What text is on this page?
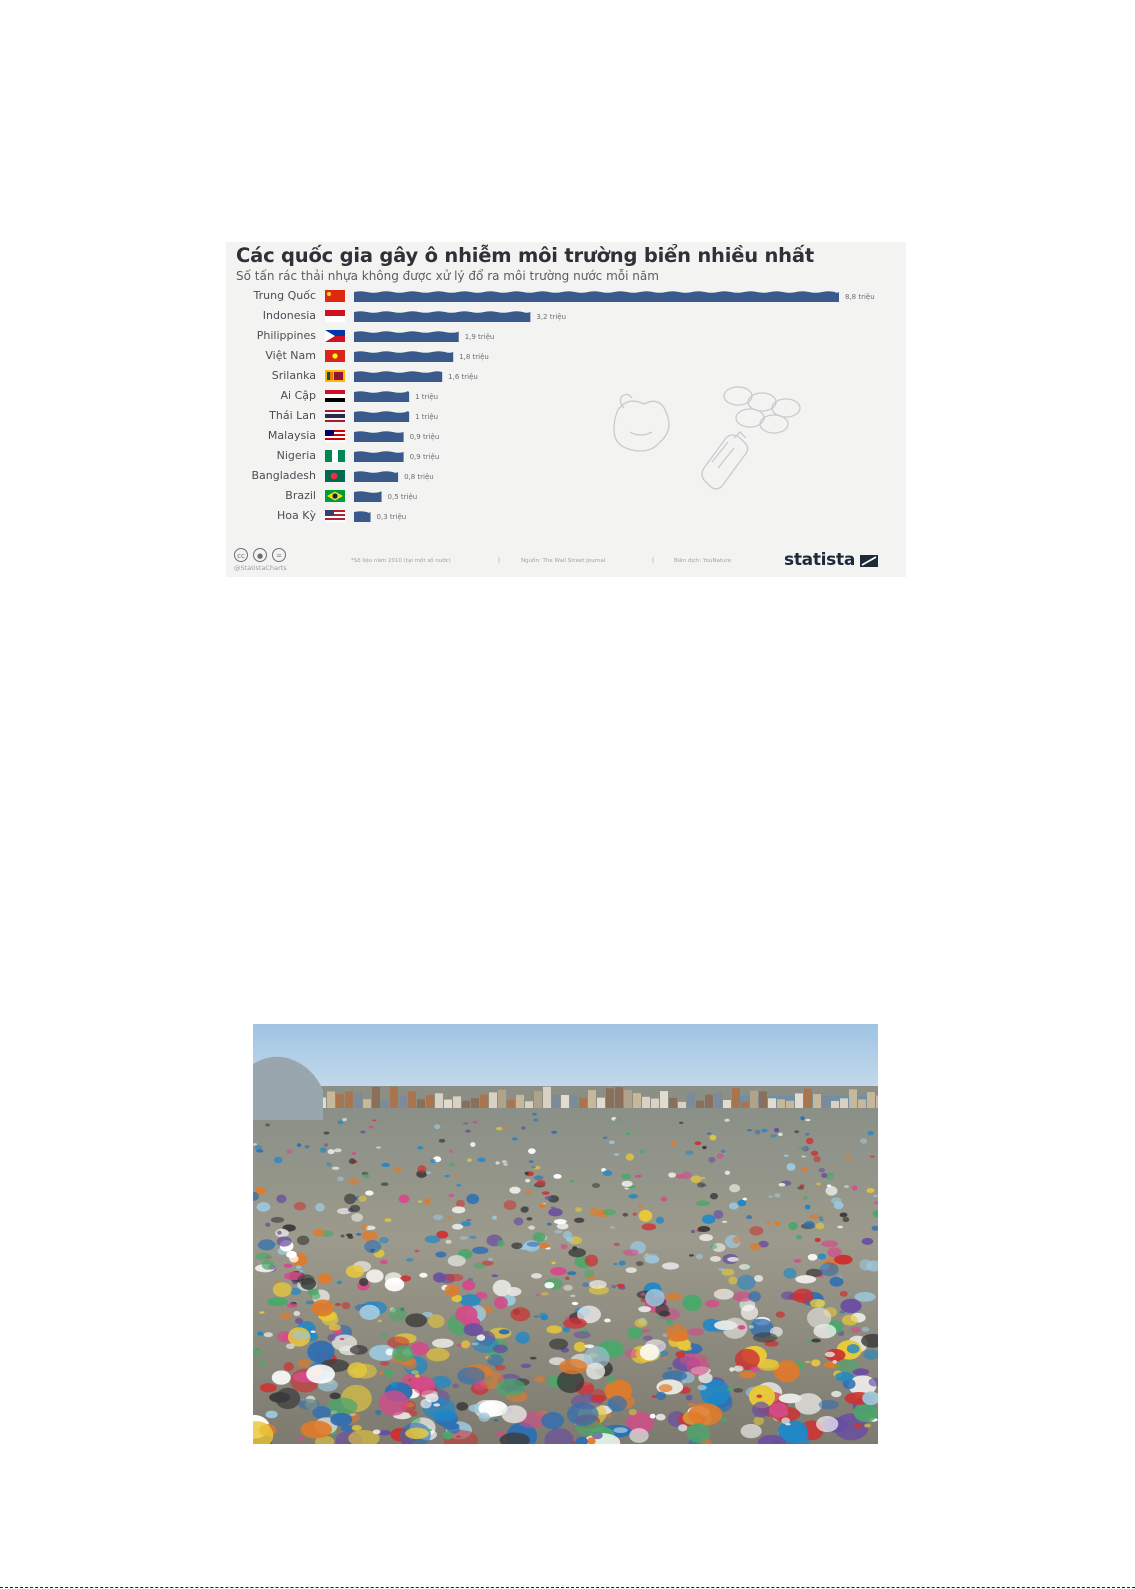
Các quốc gia gây ô nhiễm môi trường biển nhiều nhất
Số tấn rác thải nhựa không được xử lý đổ ra môi trường nước mỗi năm
Trung Quốc	8,8 triệu
Indonesia	3,2 triệu
Philippines	1,9 triệu
Việt Nam	1,8 triệu
Srilanka	1,6 triệu
Ai Cập	1 triệu
Thái Lan	1 triệu
Malaysia	0,9 triệu
Nigeria	0,9 triệu
Bangladesh	0,8 triệu
Brazil	0,5 triệu
Hoa Kỳ	0,3 triệu
cc	●	=
@StatistaCharts
*Số liệu năm 2010 (tại một số nước)	|	Nguồn: The Wall Street Journal	|	Biên dịch: YouNature	statista
